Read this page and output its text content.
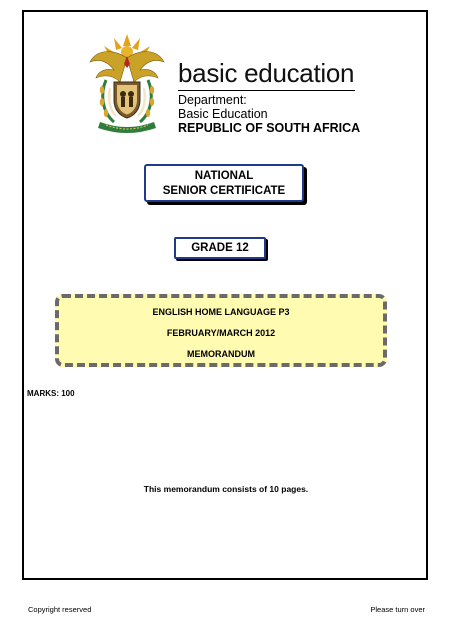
basic education
Department:
Basic Education
REPUBLIC OF SOUTH AFRICA
NATIONAL
SENIOR CERTIFICATE
GRADE 12
ENGLISH HOME LANGUAGE P3
FEBRUARY/MARCH 2012
MEMORANDUM
MARKS: 100
This memorandum consists of 10 pages.
Copyright reserved	Please turn over
